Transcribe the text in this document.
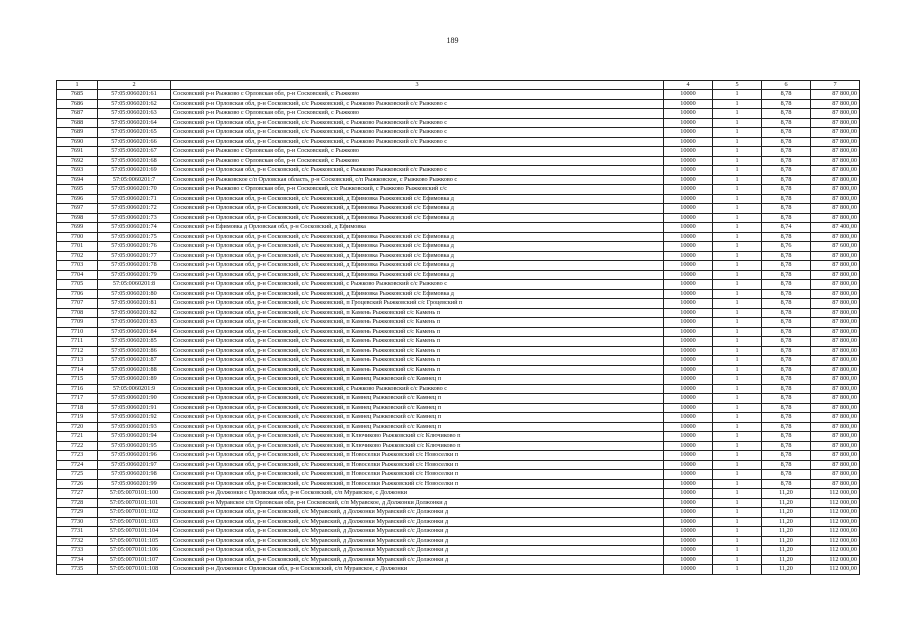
189
1	2	3	4	5	6	7
7685	57:05:0060201:61	Сосковский р-н Рыжково с Орловская обл, р-н Сосковский, с Рыжково	10000	1	8,78	87 800,00
7686	57:05:0060201:62	Сосковский р-н Орловская обл, р-н Сосковский, с/с Рыжковский, с Рыжково Рыжковский с/с Рыжково с	10000	1	8,78	87 800,00
7687	57:05:0060201:63	Сосковский р-н Рыжково с Орловская обл, р-н Сосковский, с Рыжково	10000	1	8,78	87 800,00
7688	57:05:0060201:64	Сосковский р-н Орловская обл, р-н Сосковский, с/с Рыжковский, с Рыжково Рыжковский с/с Рыжково с	10000	1	8,78	87 800,00
7689	57:05:0060201:65	Сосковский р-н Орловская обл, р-н Сосковский, с/с Рыжковский, с Рыжково Рыжковский с/с Рыжково с	10000	1	8,78	87 800,00
7690	57:05:0060201:66	Сосковский р-н Орловская обл, р-н Сосковский, с/с Рыжковский, с Рыжково Рыжковский с/с Рыжково с	10000	1	8,78	87 800,00
7691	57:05:0060201:67	Сосковский р-н Рыжково с Орловская обл, р-н Сосковский, с Рыжково	10000	1	8,78	87 800,00
7692	57:05:0060201:68	Сосковский р-н Рыжково с Орловская обл, р-н Сосковский, с Рыжково	10000	1	8,78	87 800,00
7693	57:05:0060201:69	Сосковский р-н Орловская обл, р-н Сосковский, с/с Рыжковский, с Рыжково Рыжковский с/с Рыжково с	10000	1	8,78	87 800,00
7694	57:05:0060201:7	Сосковский р-н Рыжковское с/п Орловская область, р-н Сосковский, с/п Рыжковское, с Рыжково Рыжково с	10000	1	8,78	87 800,00
7695	57:05:0060201:70	Сосковский р-н Рыжково с Орловская обл, р-н Сосковский, с/с Рыжковский, с Рыжково Рыжковский с/с	10000	1	8,78	87 800,00
7696	57:05:0060201:71	Сосковский р-н Орловская обл, р-н Сосковский, с/с Рыжковский, д Ефимовка Рыжковский с/с Ефимовка д	10000	1	8,78	87 800,00
7697	57:05:0060201:72	Сосковский р-н Орловская обл, р-н Сосковский, с/с Рыжковский, д Ефимовка Рыжковский с/с Ефимовка д	10000	1	8,78	87 800,00
7698	57:05:0060201:73	Сосковский р-н Орловская обл, р-н Сосковский, с/с Рыжковский, д Ефимовка Рыжковский с/с Ефимовка д	10000	1	8,78	87 800,00
7699	57:05:0060201:74	Сосковский р-н Ефимовка д Орловская обл, р-н Сосковский, д Ефимовка	10000	1	8,74	87 400,00
7700	57:05:0060201:75	Сосковский р-н Орловская обл, р-н Сосковский, с/с Рыжковский, д Ефимовка Рыжковский с/с Ефимовка д	10000	1	8,78	87 800,00
7701	57:05:0060201:76	Сосковский р-н Орловская обл, р-н Сосковский, с/с Рыжковский, д Ефимовка Рыжковский с/с Ефимовка д	10000	1	8,76	87 600,00
7702	57:05:0060201:77	Сосковский р-н Орловская обл, р-н Сосковский, с/с Рыжковский, д Ефимовка Рыжковский с/с Ефимовка д	10000	1	8,78	87 800,00
7703	57:05:0060201:78	Сосковский р-н Орловская обл, р-н Сосковский, с/с Рыжковский, д Ефимовка Рыжковский с/с Ефимовка д	10000	1	8,78	87 800,00
7704	57:05:0060201:79	Сосковский р-н Орловская обл, р-н Сосковский, с/с Рыжковский, д Ефимовка Рыжковский с/с Ефимовка д	10000	1	8,78	87 800,00
7705	57:05:0060201:8	Сосковский р-н Орловская обл, р-н Сосковский, с/с Рыжковский, с Рыжково Рыжковский с/с Рыжково с	10000	1	8,78	87 800,00
7706	57:05:0060201:80	Сосковский р-н Орловская обл, р-н Сосковский, с/с Рыжковский, д Ефимовка Рыжковский с/с Ефимовка д	10000	1	8,78	87 800,00
7707	57:05:0060201:81	Сосковский р-н Орловская обл, р-н Сосковский, с/с Рыжковский, п Гроцевский Рыжковский с/с Гроцевский п	10000	1	8,78	87 800,00
7708	57:05:0060201:82	Сосковский р-н Орловская обл, р-н Сосковский, с/с Рыжковский, п Камень Рыжковский с/с Камень п	10000	1	8,78	87 800,00
7709	57:05:0060201:83	Сосковский р-н Орловская обл, р-н Сосковский, с/с Рыжковский, п Камень Рыжковский с/с Камень п	10000	1	8,78	87 800,00
7710	57:05:0060201:84	Сосковский р-н Орловская обл, р-н Сосковский, с/с Рыжковский, п Камень Рыжковский с/с Камень п	10000	1	8,78	87 800,00
7711	57:05:0060201:85	Сосковский р-н Орловская обл, р-н Сосковский, с/с Рыжковский, п Камень Рыжковский с/с Камень п	10000	1	8,78	87 800,00
7712	57:05:0060201:86	Сосковский р-н Орловская обл, р-н Сосковский, с/с Рыжковский, п Камень Рыжковский с/с Камень п	10000	1	8,78	87 800,00
7713	57:05:0060201:87	Сосковский р-н Орловская обл, р-н Сосковский, с/с Рыжковский, п Камень Рыжковский с/с Камень п	10000	1	8,78	87 800,00
7714	57:05:0060201:88	Сосковский р-н Орловская обл, р-н Сосковский, с/с Рыжковский, п Камень Рыжковский с/с Камень п	10000	1	8,78	87 800,00
7715	57:05:0060201:89	Сосковский р-н Орловская обл, р-н Сосковский, с/с Рыжковский, п Камнец Рыжковский с/с Камнец п	10000	1	8,78	87 800,00
7716	57:05:0060201:9	Сосковский р-н Орловская обл, р-н Сосковский, с/с Рыжковский, с Рыжково Рыжковский с/с Рыжково с	10000	1	8,78	87 800,00
7717	57:05:0060201:90	Сосковский р-н Орловская обл, р-н Сосковский, с/с Рыжковский, п Камнец Рыжковский с/с Камнец п	10000	1	8,78	87 800,00
7718	57:05:0060201:91	Сосковский р-н Орловская обл, р-н Сосковский, с/с Рыжковский, п Камнец Рыжковский с/с Камнец п	10000	1	8,78	87 800,00
7719	57:05:0060201:92	Сосковский р-н Орловская обл, р-н Сосковский, с/с Рыжковский, п Камнец Рыжковский с/с Камнец п	10000	1	8,78	87 800,00
7720	57:05:0060201:93	Сосковский р-н Орловская обл, р-н Сосковский, с/с Рыжковский, п Камнец Рыжковский с/с Камнец п	10000	1	8,78	87 800,00
7721	57:05:0060201:94	Сосковский р-н Орловская обл, р-н Сосковский, с/с Рыжковский, п Ключиково Рыжковский с/с Ключиково п	10000	1	8,78	87 800,00
7722	57:05:0060201:95	Сосковский р-н Орловская обл, р-н Сосковский, с/с Рыжковский, п Ключиково Рыжковский с/с Ключиково п	10000	1	8,78	87 800,00
7723	57:05:0060201:96	Сосковский р-н Орловская обл, р-н Сосковский, с/с Рыжковский, п Новоселки Рыжковский с/с Новоселки п	10000	1	8,78	87 800,00
7724	57:05:0060201:97	Сосковский р-н Орловская обл, р-н Сосковский, с/с Рыжковский, п Новоселки Рыжковский с/с Новоселки п	10000	1	8,78	87 800,00
7725	57:05:0060201:98	Сосковский р-н Орловская обл, р-н Сосковский, с/с Рыжковский, п Новоселки Рыжковский с/с Новоселки п	10000	1	8,78	87 800,00
7726	57:05:0060201:99	Сосковский р-н Орловская обл, р-н Сосковский, с/с Рыжковский, п Новоселки Рыжковский с/с Новоселки п	10000	1	8,78	87 800,00
7727	57:05:0070101:100	Сосковский р-н Должонки с Орловская обл, р-н Сосковский, с/п Муравское, с Должонки	10000	1	11,20	112 000,00
7728	57:05:0070101:101	Сосковский р-н Муравское с/п Орловская обл, р-н Сосковский, с/п Муравское, д Должонки Должонки д	10000	1	11,20	112 000,00
7729	57:05:0070101:102	Сосковский р-н Орловская обл, р-н Сосковский, с/с Муравский, д Должонки Муравский с/с Должонки д	10000	1	11,20	112 000,00
7730	57:05:0070101:103	Сосковский р-н Орловская обл, р-н Сосковский, с/с Муравский, д Должонки Муравский с/с Должонки д	10000	1	11,20	112 000,00
7731	57:05:0070101:104	Сосковский р-н Орловская обл, р-н Сосковский, с/с Муравский, д Должонки Муравский с/с Должонки д	10000	1	11,20	112 000,00
7732	57:05:0070101:105	Сосковский р-н Орловская обл, р-н Сосковский, с/с Муравский, д Должонки Муравский с/с Должонки д	10000	1	11,20	112 000,00
7733	57:05:0070101:106	Сосковский р-н Орловская обл, р-н Сосковский, с/с Муравский, д Должонки Муравский с/с Должонки д	10000	1	11,20	112 000,00
7734	57:05:0070101:107	Сосковский р-н Орловская обл, р-н Сосковский, с/с Муравский, д Должонки Муравский с/с Должонки д	10000	1	11,20	112 000,00
7735	57:05:0070101:108	Сосковский р-н Должонки с Орловская обл, р-н Сосковский, с/п Муравское, с Должонки	10000	1	11,20	112 000,00
